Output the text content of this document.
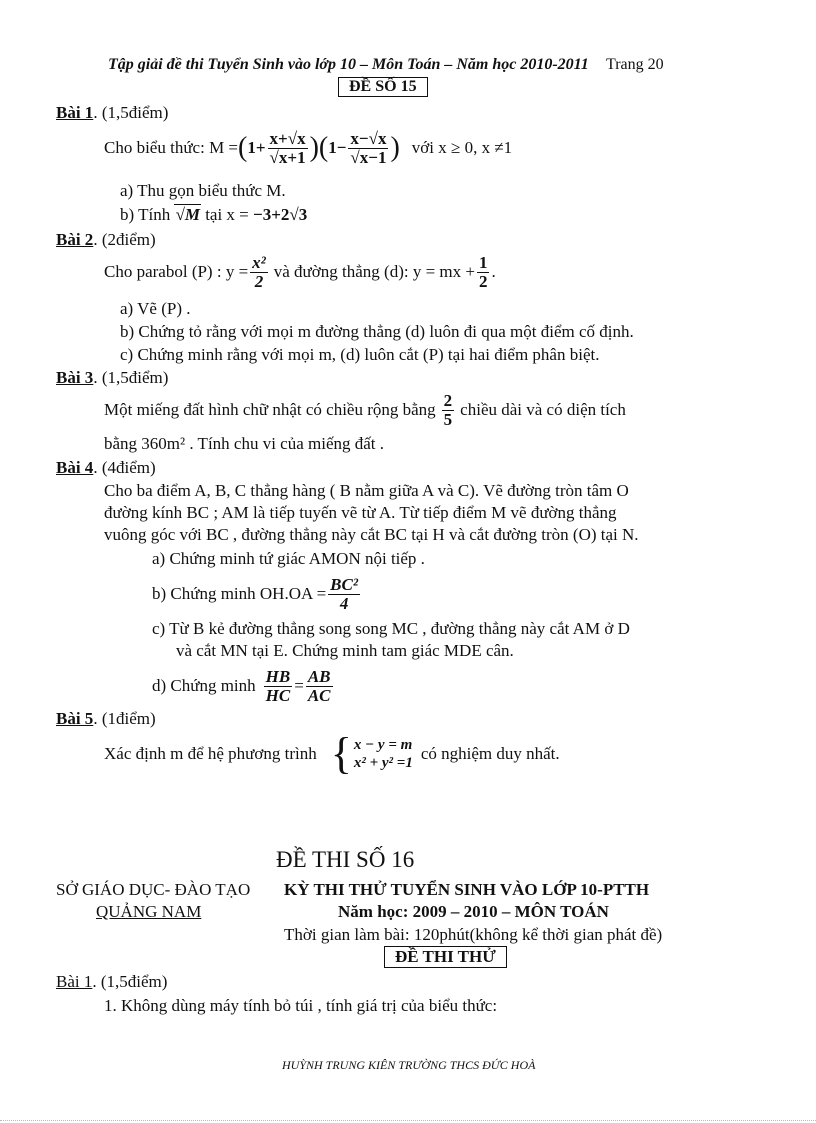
Tập giải đề thi Tuyển Sinh vào lớp 10 – Môn Toán – Năm học 2010-2011 Trang 20
ĐỀ SỐ 15
Bài 1. (1,5điểm)
Cho biểu thức: M = ( $1+ \frac{x+√x}{√x+1}$ )( $1- \frac{x-√x}{√x-1}$ ) với x ≥ 0, x ≠1
a) Thu gọn biểu thức M.
b) Tính √ M tại x = −3+2√3
Bài 2. (2điểm)
Cho parabol (P) : $y = \frac{\text{x²}}{2}$ và đường thẳng (d): y = mx + $\frac{1}{2}$ .
a) Vẽ (P) .
b) Chứng tỏ rằng với mọi m đường thẳng (d) luôn đi qua một điểm cố định.
c) Chứng minh rằng với mọi m, (d) luôn cắt (P) tại hai điểm phân biệt.
Bài 3. (1,5điểm)
Một miếng đất hình chữ nhật có chiều rộng bằng $\frac{2}{5}$ chiều dài và có diện tích
bằng 360m² . Tính chu vi của miếng đất .
Bài 4. (4điểm)
Cho ba điểm A, B, C thẳng hàng ( B nằm giữa A và C). Vẽ đường tròn tâm O
đường kính BC ; AM là tiếp tuyến vẽ từ A. Từ tiếp điểm M vẽ đường thẳng
vuông góc với BC , đường thẳng này cắt BC tại H và cắt đường tròn (O) tại N.
a) Chứng minh tứ giác AMON nội tiếp .
b) Chứng minh $OH.OA = \frac{\text{BC²}}{4}$
c) Từ B kẻ đường thẳng song song MC , đường thẳng này cắt AM ở D
và cắt MN tại E. Chứng minh tam giác MDE cân.
d) Chứng minh $\frac{HB}{HC} = \frac{AB}{AC}$
Bài 5. (1điểm)
Xác định m để hệ phương trình { x − y = m
x² + y² =1 có nghiệm duy nhất.
ĐỀ THI SỐ 16
SỞ GIÁO DỤC- ĐÀO TẠO KỲ THI THỬ TUYỂN SINH VÀO LỚP 10-PTTH
QUẢNG NAM	Năm học: 2009 – 2010 – MÔN TOÁN
Thời gian làm bài: 120phút(không kể thời gian phát đề)
ĐỀ THI THỬ
Bài 1. (1,5điểm)
1. Không dùng máy tính bỏ túi , tính giá trị của biểu thức:
HUỲNH TRUNG KIÊN TRƯỜNG THCS ĐỨC HOÀ
